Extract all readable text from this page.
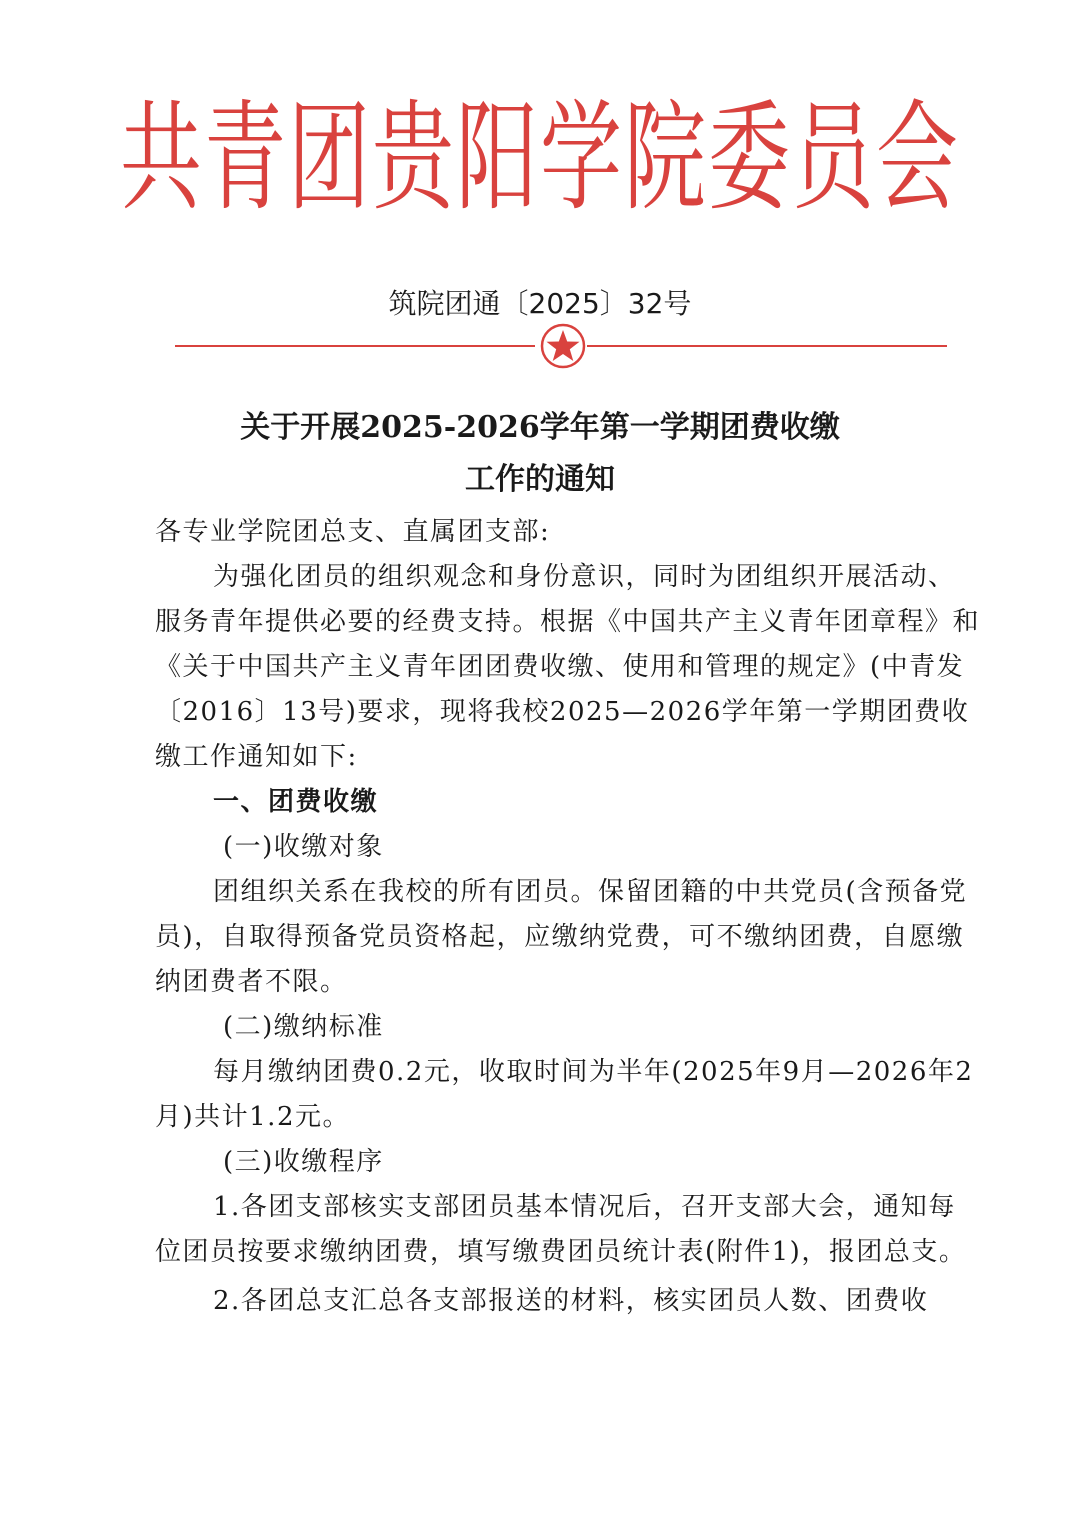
共青团贵阳学院委员会
筑院团通〔2025〕32号
关于开展2025-2026学年第一学期团费收缴
工作的通知

各专业学院团总支、直属团支部:

为强化团员的组织观念和身份意识，同时为团组织开展活动、服务青年提供必要的经费支持。根据《中国共产主义青年团章程》和《关于中国共产主义青年团团费收缴、使用和管理的规定》(中青发〔2016〕13号)要求，现将我校2025—2026学年第一学期团费收缴工作通知如下:

一、团费收缴

(一)收缴对象

团组织关系在我校的所有团员。保留团籍的中共党员(含预备党员)，自取得预备党员资格起，应缴纳党费，可不缴纳团费，自愿缴纳团费者不限。

(二)缴纳标准

每月缴纳团费0.2元，收取时间为半年(2025年9月—2026年2月)共计1.2元。

(三)收缴程序

1.各团支部核实支部团员基本情况后，召开支部大会，通知每位团员按要求缴纳团费，填写缴费团员统计表(附件1)，报团总支。

2.各团总支汇总各支部报送的材料，核实团员人数、团费收
